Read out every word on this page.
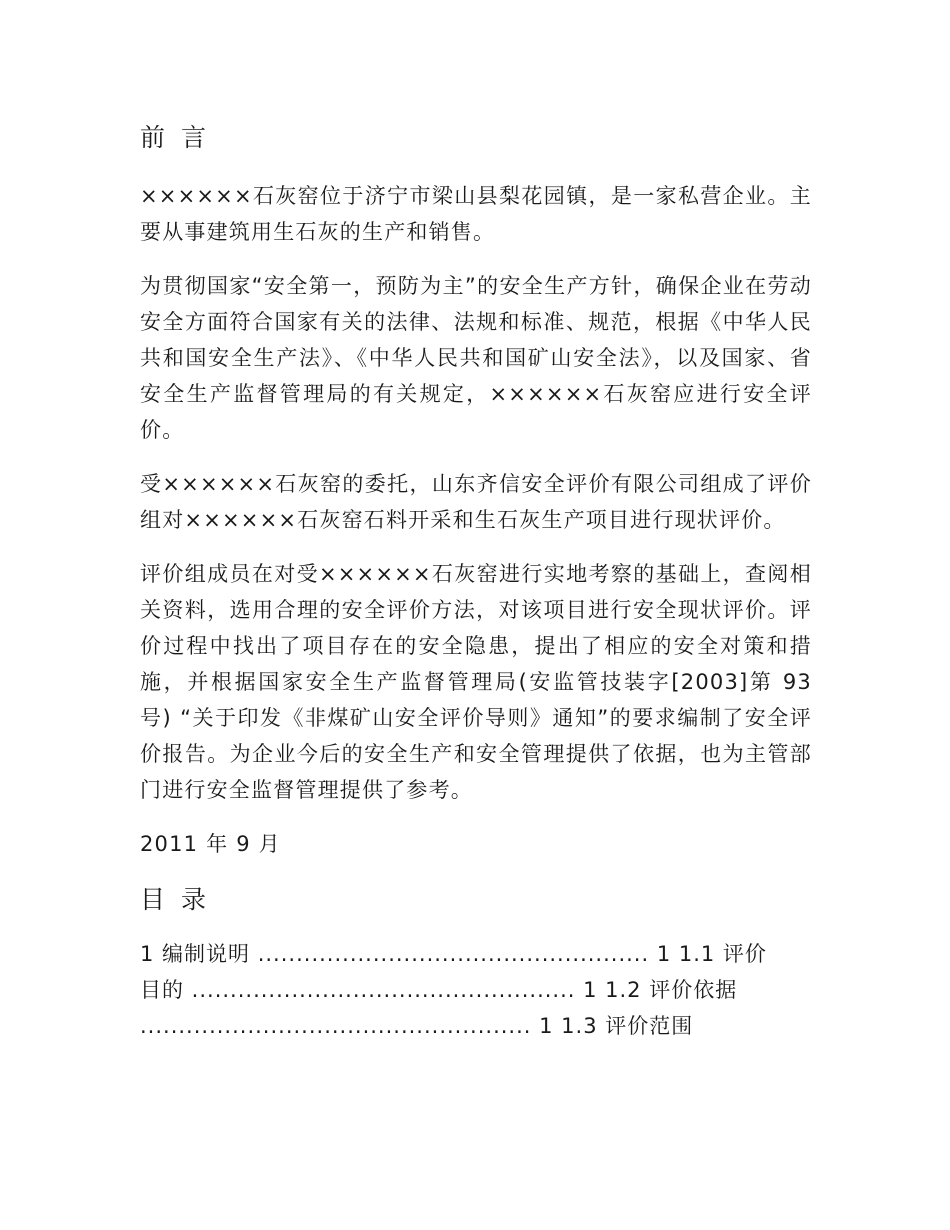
前 言

××××××石灰窑位于济宁市梁山县梨花园镇，是一家私营企业。主要从事建筑用生石灰的生产和销售。

为贯彻国家“安全第一，预防为主”的安全生产方针，确保企业在劳动安全方面符合国家有关的法律、法规和标准、规范，根据《中华人民共和国安全生产法》、《中华人民共和国矿山安全法》，以及国家、省安全生产监督管理局的有关规定，××××××石灰窑应进行安全评价。

受××××××石灰窑的委托，山东齐信安全评价有限公司组成了评价组对××××××石灰窑石料开采和生石灰生产项目进行现状评价。

评价组成员在对受××××××石灰窑进行实地考察的基础上，查阅相关资料，选用合理的安全评价方法，对该项目进行安全现状评价。评价过程中找出了项目存在的安全隐患，提出了相应的安全对策和措施，并根据国家安全生产监督管理局(安监管技装字[2003]第 93 号) “关于印发《非煤矿山安全评价导则》通知”的要求编制了安全评价报告。为企业今后的安全生产和安全管理提供了依据，也为主管部门进行安全监督管理提供了参考。

2011 年 9 月

目 录
1 编制说明 ................................................... 1 1.1 评价
目的 .................................................. 1 1.2 评价依据
................................................... 1 1.3 评价范围
